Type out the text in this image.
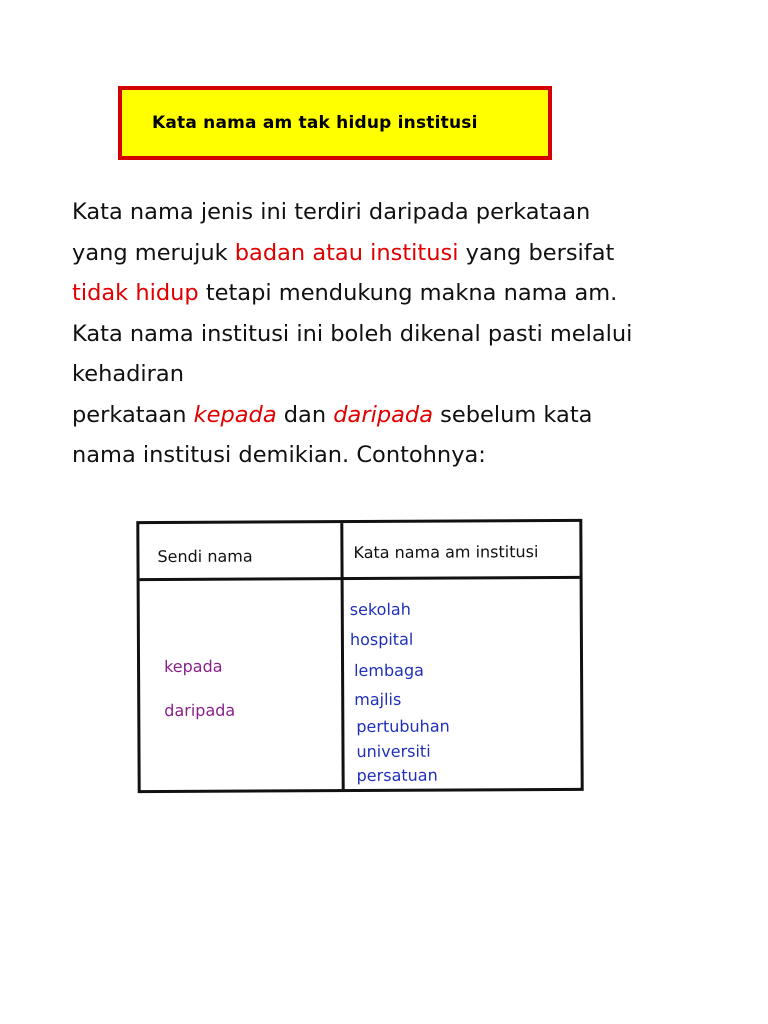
Kata nama am tak hidup institusi
Kata nama jenis ini terdiri daripada perkataan
yang merujuk badan atau institusi yang bersifat
tidak hidup tetapi mendukung makna nama am.
Kata nama institusi ini boleh dikenal pasti melalui
kehadiran
perkataan kepada dan daripada sebelum kata
nama institusi demikian. Contohnya:
Sendi nama	Kata nama am institusi
kepada
daripada
sekolah
hospital
lembaga
majlis
pertubuhan
universiti
persatuan
